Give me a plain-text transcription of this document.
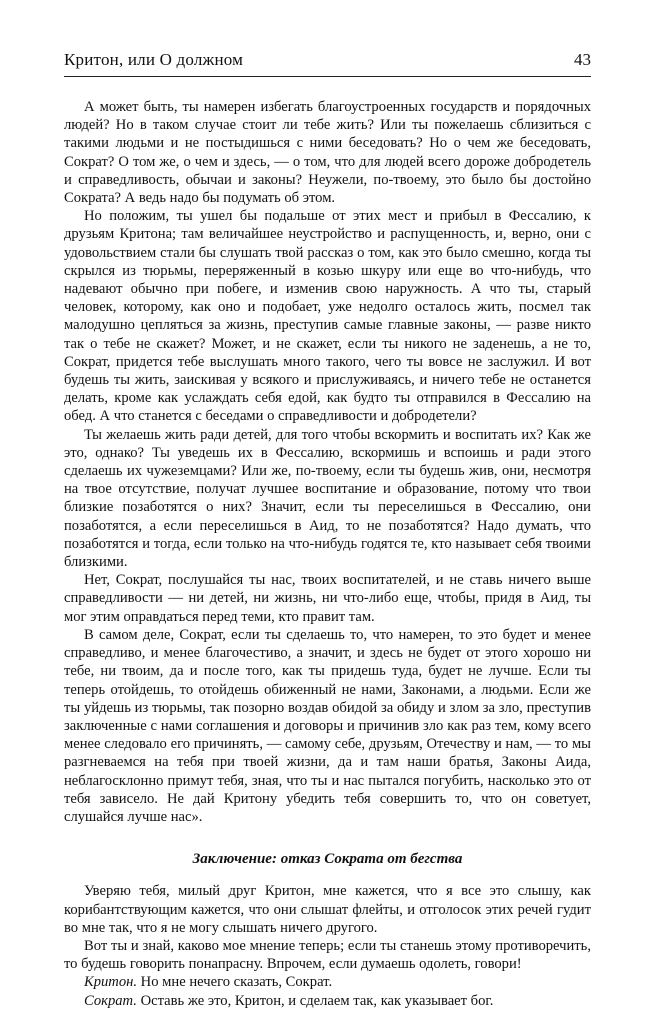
Критон, или О должном	43

А может быть, ты намерен избегать благоустроенных государств и порядочных людей? Но в таком случае стоит ли тебе жить? Или ты пожелаешь сблизиться с такими людьми и не постыдишься с ними беседовать? Но о чем же беседовать, Сократ? О том же, о чем и здесь, — о том, что для людей всего дороже добродетель и справедливость, обычаи и законы? Неужели, по-твоему, это было бы достойно Сократа? А ведь надо бы подумать об этом.

Но положим, ты ушел бы подальше от этих мест и прибыл в Фессалию, к друзьям Критона; там величайшее неустройство и распущенность, и, верно, они с удовольствием стали бы слушать твой рассказ о том, как это было смешно, когда ты скрылся из тюрьмы, переряженный в козью шкуру или еще во что-нибудь, что надевают обычно при побеге, и изменив свою наружность. А что ты, старый человек, которому, как оно и подобает, уже недолго осталось жить, посмел так малодушно цепляться за жизнь, преступив самые главные законы, — разве никто так о тебе не скажет? Может, и не скажет, если ты никого не заденешь, а не то, Сократ, придется тебе выслушать много такого, чего ты вовсе не заслужил. И вот будешь ты жить, заискивая у всякого и прислуживаясь, и ничего тебе не останется делать, кроме как услаждать себя едой, как будто ты отправился в Фессалию на обед. А что станется с беседами о справедливости и добродетели?

Ты желаешь жить ради детей, для того чтобы вскормить и воспитать их? Как же это, однако? Ты уведешь их в Фессалию, вскормишь и вспоишь и ради этого сделаешь их чужеземцами? Или же, по-твоему, если ты будешь жив, они, несмотря на твое отсутствие, получат лучшее воспитание и образование, потому что твои близкие позаботятся о них? Значит, если ты переселишься в Фессалию, они позаботятся, а если переселишься в Аид, то не позаботятся? Надо думать, что позаботятся и тогда, если только на что-нибудь годятся те, кто называет себя твоими близкими.

Нет, Сократ, послушайся ты нас, твоих воспитателей, и не ставь ничего выше справедливости — ни детей, ни жизнь, ни что-либо еще, чтобы, придя в Аид, ты мог этим оправдаться перед теми, кто правит там.

В самом деле, Сократ, если ты сделаешь то, что намерен, то это будет и менее справедливо, и менее благочестиво, а значит, и здесь не будет от этого хорошо ни тебе, ни твоим, да и после того, как ты придешь туда, будет не лучше. Если ты теперь отойдешь, то отойдешь обиженный не нами, Законами, а людьми. Если же ты уйдешь из тюрьмы, так позорно воздав обидой за обиду и злом за зло, преступив заключенные с нами соглашения и договоры и причинив зло как раз тем, кому всего менее следовало его причинять, — самому себе, друзьям, Отечеству и нам, — то мы разгневаемся на тебя при твоей жизни, да и там наши братья, Законы Аида, неблагосклонно примут тебя, зная, что ты и нас пытался погубить, насколько это от тебя зависело. Не дай Критону убедить тебя совершить то, что он советует, слушайся лучше нас».

Заключение: отказ Сократа от бегства

Уверяю тебя, милый друг Критон, мне кажется, что я все это слышу, как корибантствующим кажется, что они слышат флейты, и отголосок этих речей гудит во мне так, что я не могу слышать ничего другого.

Вот ты и знай, каково мое мнение теперь; если ты станешь этому противоречить, то будешь говорить понапрасну. Впрочем, если думаешь одолеть, говори!

Критон. Но мне нечего сказать, Сократ.

Сократ. Оставь же это, Критон, и сделаем так, как указывает бог.
